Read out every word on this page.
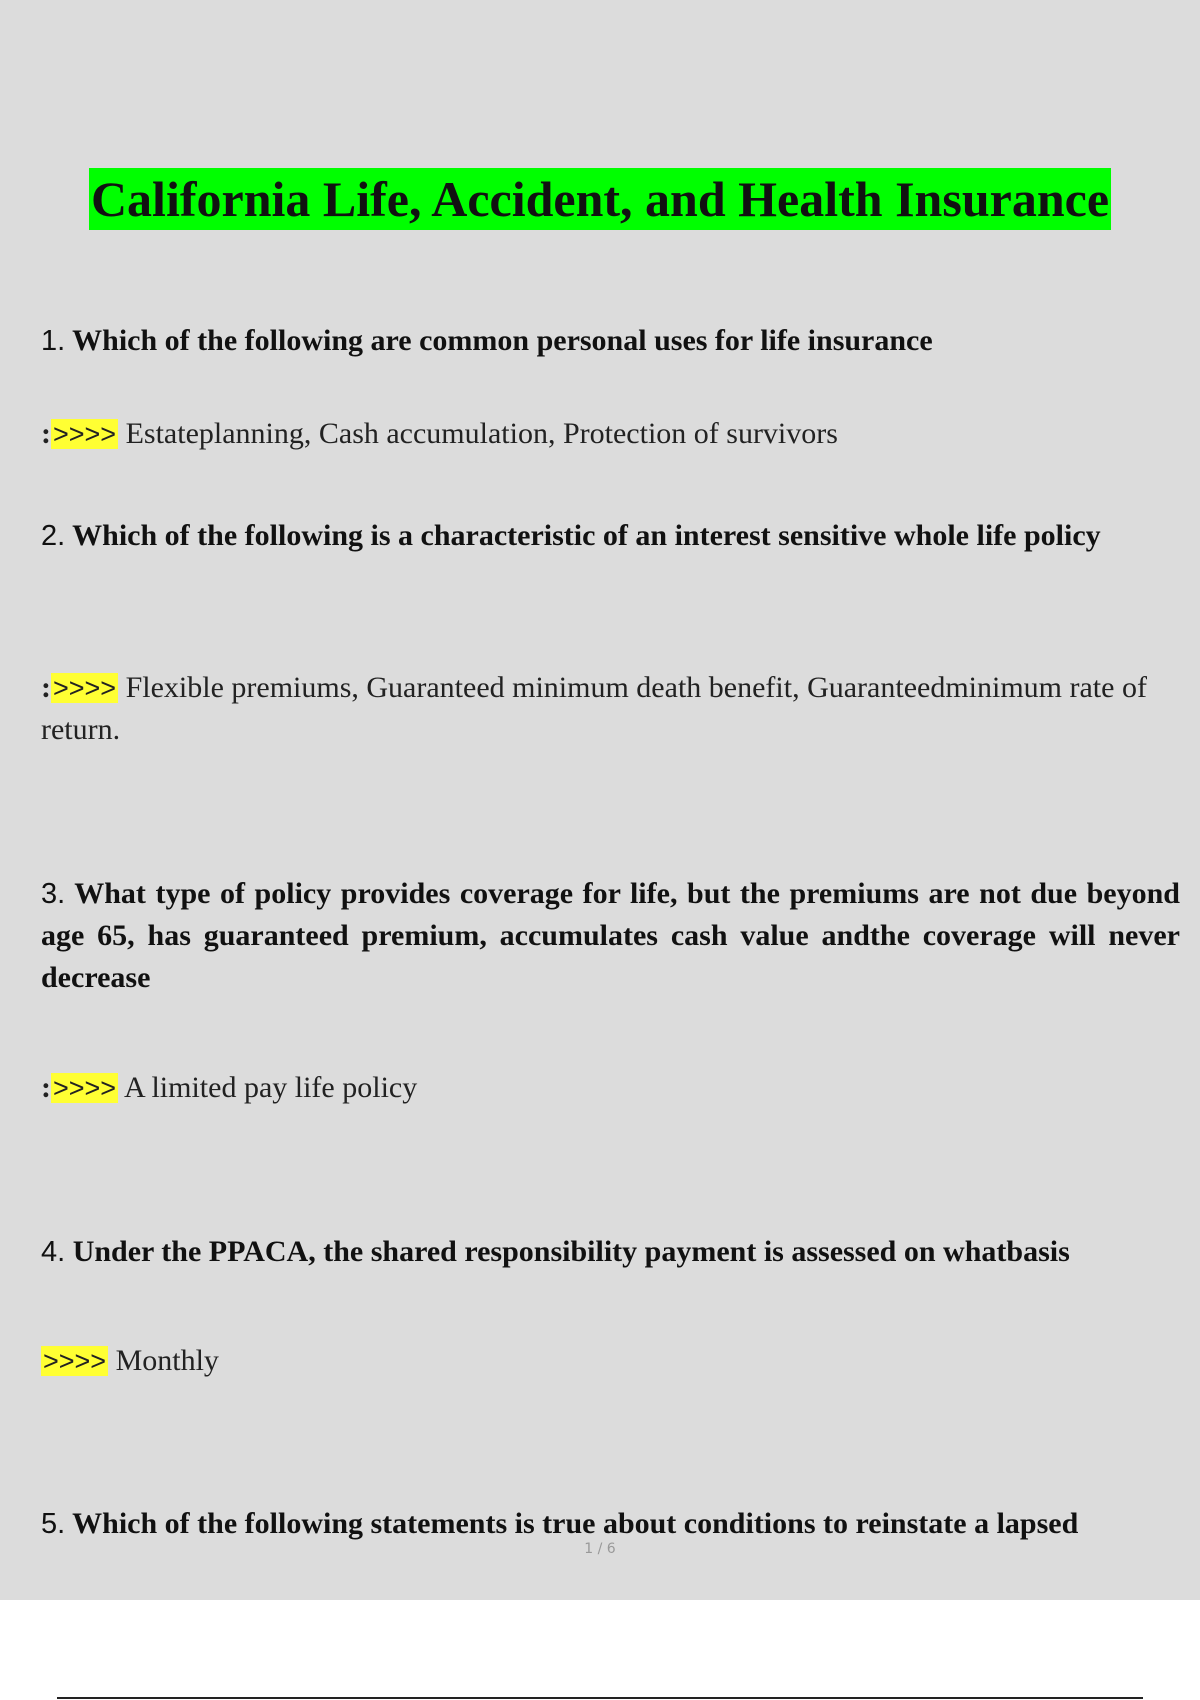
California Life, Accident, and Health Insurance
1. Which of the following are common personal uses for life insurance
:>>>> Estateplanning, Cash accumulation, Protection of survivors
2. Which of the following is a characteristic of an interest sensitive whole life policy
:>>>> Flexible premiums, Guaranteed minimum death benefit, Guaranteedminimum rate of return.
3. What type of policy provides coverage for life, but the premiums are not due beyond age 65, has guaranteed premium, accumulates cash value andthe coverage will never decrease
:>>>> A limited pay life policy
4. Under the PPACA, the shared responsibility payment is assessed on whatbasis
>>>> Monthly
5. Which of the following statements is true about conditions to reinstate a lapsed
1 / 6
